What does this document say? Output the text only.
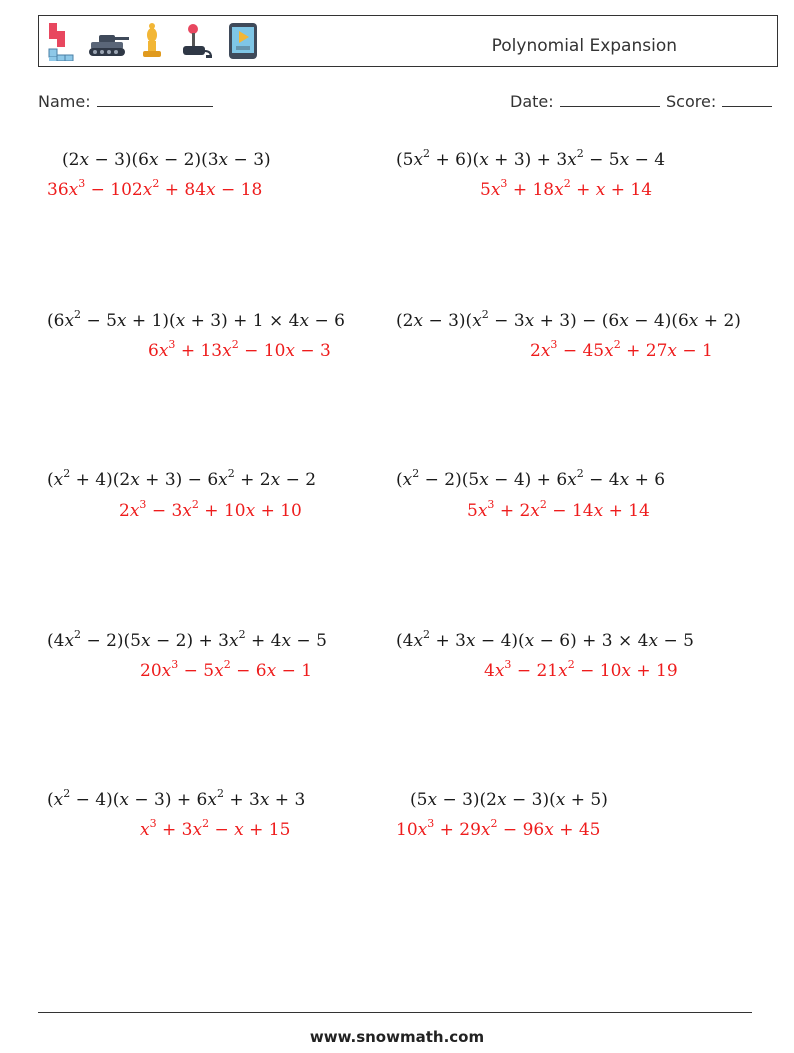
Polynomial Expansion
Name:	Date:	Score:
(2x − 3)(6x − 2)(3x − 3)
$36x^3 - 102x^2 + 84x - 18$
$(5x^2 + 6)(x + 3) + 3x^2 - 5x - 4$
$5x^3 + 18x^2 + x + 14$
$(6x^2 - 5x + 1)(x + 3) + 1 \times 4x - 6$
$6x^3 + 13x^2 - 10x - 3$
$(2x - 3)(x^2 - 3x + 3) - (6x - 4)(6x + 2)$
$2x^3 - 45x^2 + 27x - 1$
$(x^2 + 4)(2x + 3) - 6x^2 + 2x - 2$
$2x^3 - 3x^2 + 10x + 10$
$(x^2 - 2)(5x - 4) + 6x^2 - 4x + 6$
$5x^3 + 2x^2 - 14x + 14$
$(4x^2 - 2)(5x - 2) + 3x^2 + 4x - 5$
$20x^3 - 5x^2 - 6x - 1$
$(4x^2 + 3x - 4)(x - 6) + 3 \times 4x - 5$
$4x^3 - 21x^2 - 10x + 19$
$(x^2 - 4)(x - 3) + 6x^2 + 3x + 3$
$x^3 + 3x^2 - x + 15$
(5x − 3)(2x − 3)(x + 5)
$10x^3 + 29x^2 - 96x + 45$
www.snowmath.com
